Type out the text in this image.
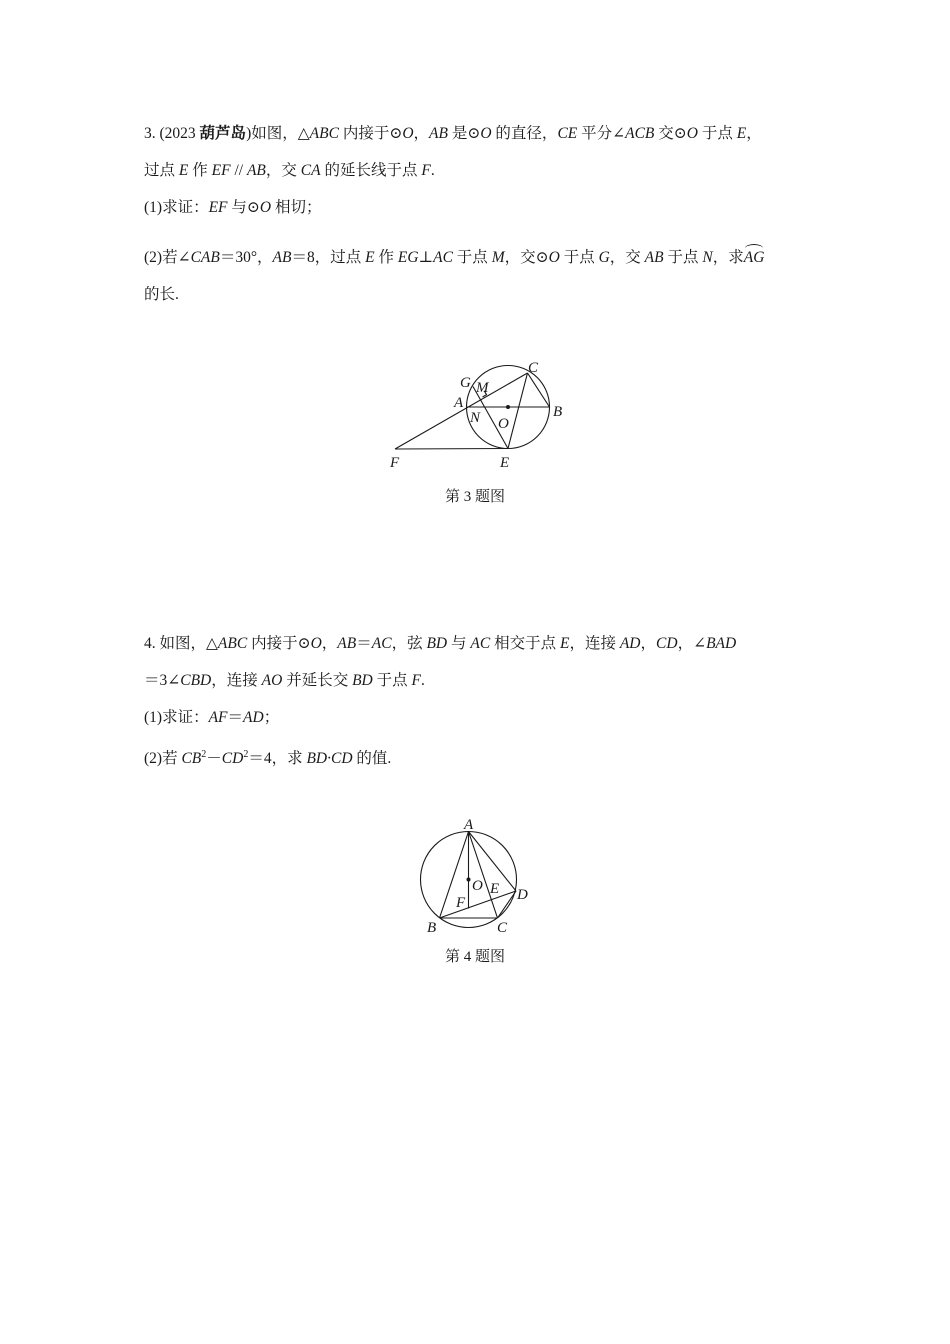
3. (2023 葫芦岛)如图，△ABC 内接于⊙O，AB 是⊙O 的直径，CE 平分∠ACB 交⊙O 于点 E，
过点 E 作 EF // AB，交 CA 的延长线于点 F.
(1)求证：EF 与⊙O 相切；
(2)若∠CAB＝30°，AB＝8，过点 E 作 EG⊥AC 于点 M，交⊙O 于点 G，交 AB 于点 N，求AG
的长.
C
G M
A
B
N O
F	E
第 3 题图
4. 如图，△ABC 内接于⊙O，AB＝AC，弦 BD 与 AC 相交于点 E，连接 AD，CD，∠BAD
＝3∠CBD，连接 AO 并延长交 BD 于点 F.
(1)求证：AF＝AD；
(2)若 $CB^2-CD^2=4$，求 BD·CD 的值.
A
O E D
F
B	C
第 4 题图
